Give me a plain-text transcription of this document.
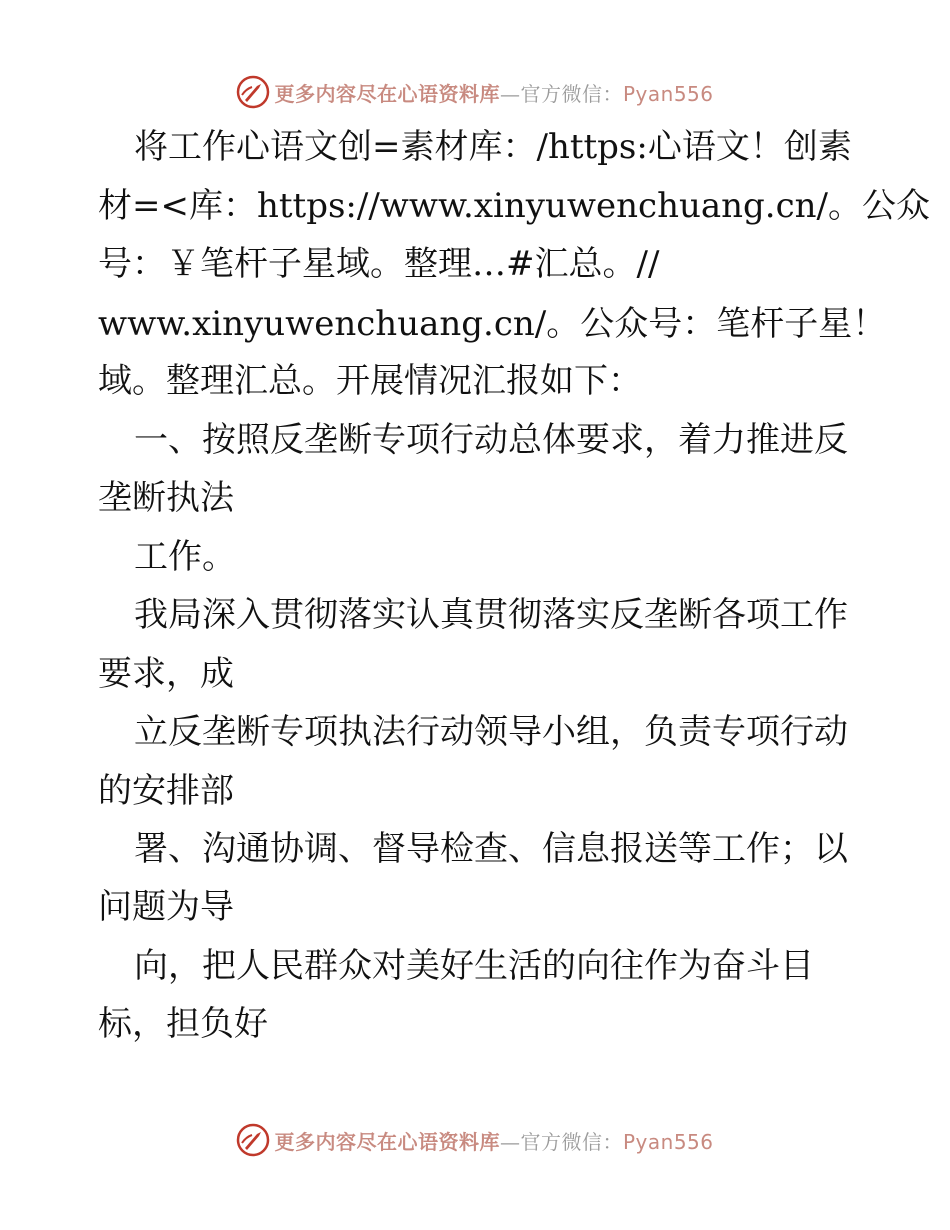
更多内容尽在心语资料库—官方微信：Pyan556
将工作心语文创=素材库：/https:心语文！创素
材=<库：https://www.xinyuwenchuang.cn/。公众
号：￥笔杆子星域。整理…#汇总。//
www.xinyuwenchuang.cn/。公众号：笔杆子星！
域。整理汇总。开展情况汇报如下：
一、按照反垄断专项行动总体要求，着力推进反
垄断执法
工作。
我局深入贯彻落实认真贯彻落实反垄断各项工作
要求，成
立反垄断专项执法行动领导小组，负责专项行动
的安排部
署、沟通协调、督导检查、信息报送等工作；以
问题为导
向，把人民群众对美好生活的向往作为奋斗目
标，担负好
更多内容尽在心语资料库—官方微信：Pyan556
